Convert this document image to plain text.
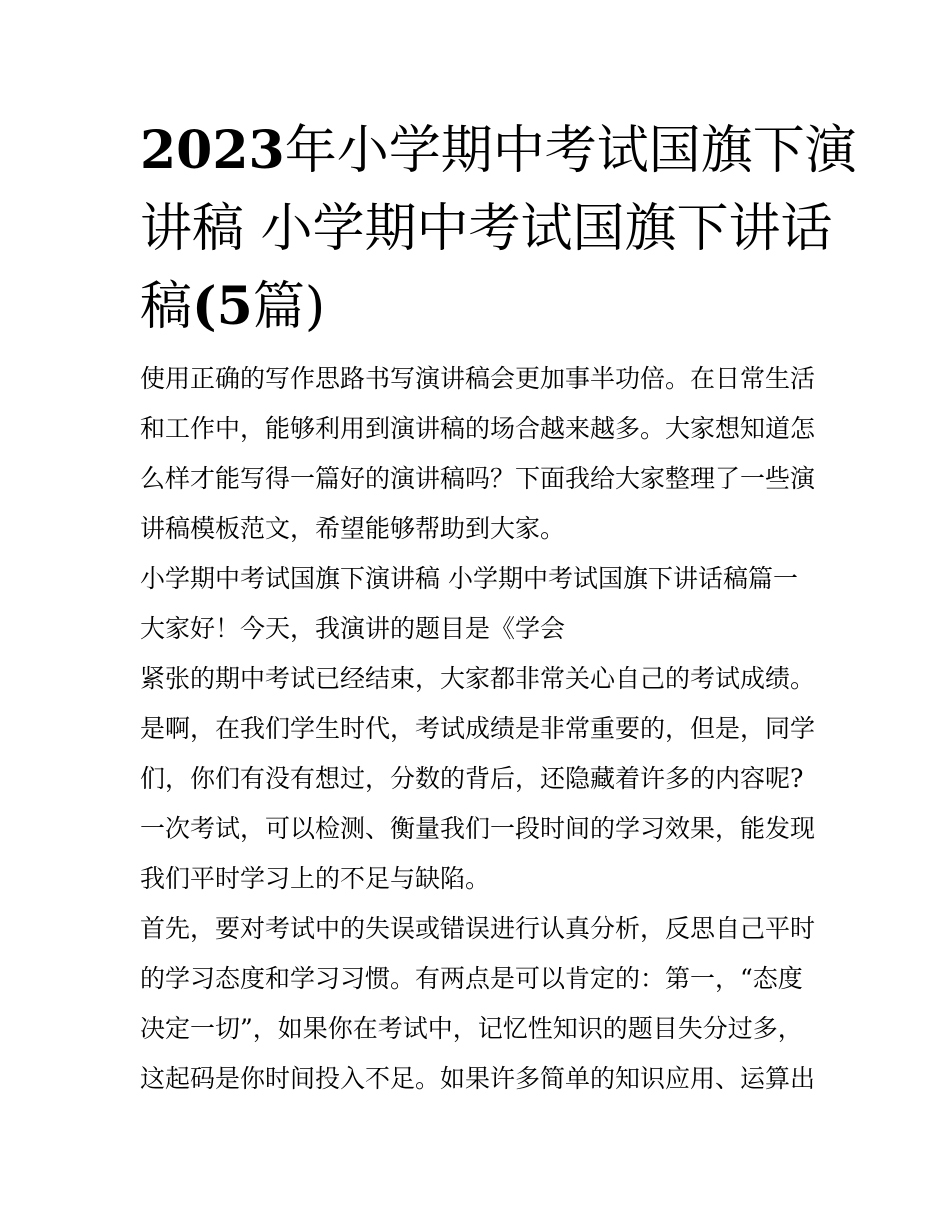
2023年小学期中考试国旗下演
讲稿 小学期中考试国旗下讲话
稿(5篇)
使用正确的写作思路书写演讲稿会更加事半功倍。在日常生活
和工作中，能够利用到演讲稿的场合越来越多。大家想知道怎
么样才能写得一篇好的演讲稿吗？下面我给大家整理了一些演
讲稿模板范文，希望能够帮助到大家。
小学期中考试国旗下演讲稿 小学期中考试国旗下讲话稿篇一
大家好！今天，我演讲的题目是《学会
紧张的期中考试已经结束，大家都非常关心自己的考试成绩。
是啊，在我们学生时代，考试成绩是非常重要的，但是，同学
们，你们有没有想过，分数的背后，还隐藏着许多的内容呢?
一次考试，可以检测、衡量我们一段时间的学习效果，能发现
我们平时学习上的不足与缺陷。
首先，要对考试中的失误或错误进行认真分析，反思自己平时
的学习态度和学习习惯。有两点是可以肯定的：第一，“态度
决定一切”，如果你在考试中，记忆性知识的题目失分过多，
这起码是你时间投入不足。如果许多简单的知识应用、运算出
